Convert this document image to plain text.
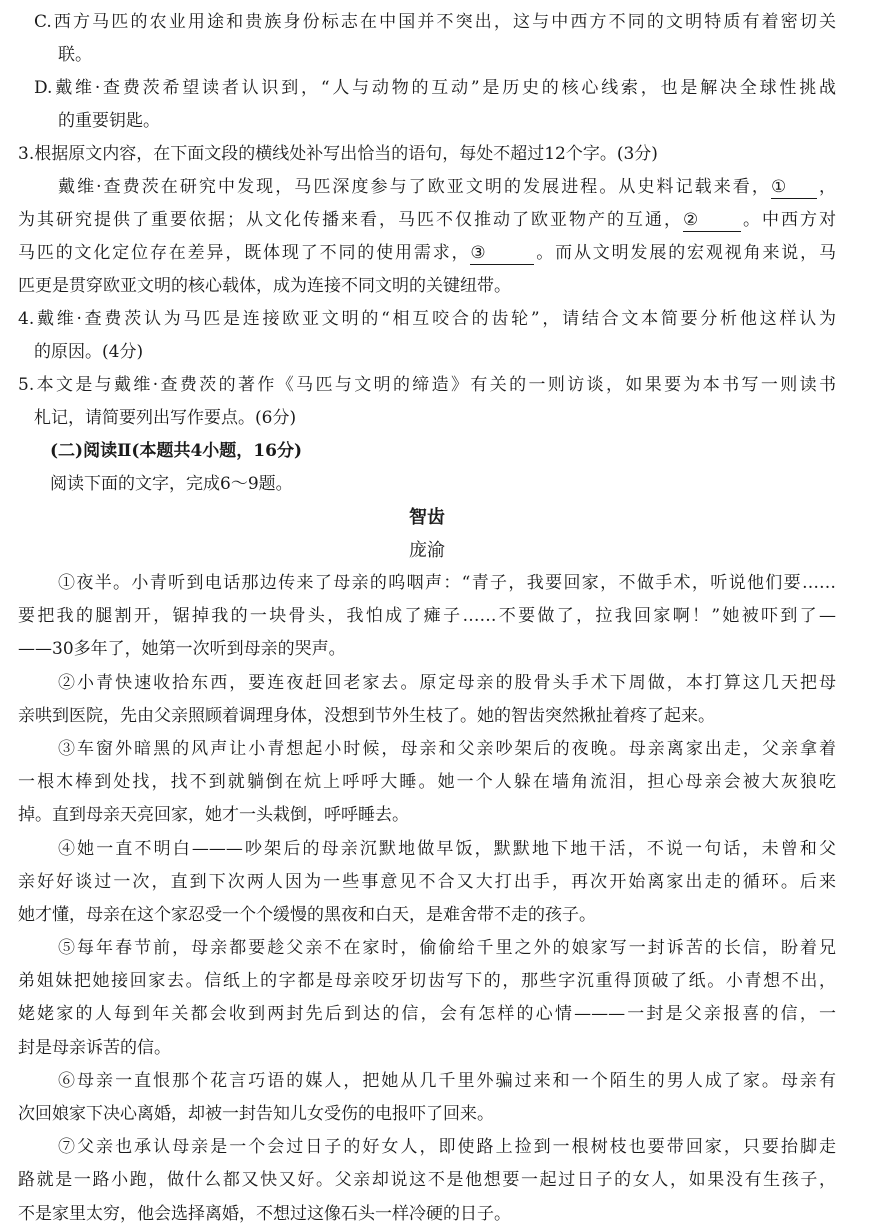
C.西方马匹的农业用途和贵族身份标志在中国并不突出，这与中西方不同的文明特质有着密切关
联。
D.戴维·查费茨希望读者认识到，“人与动物的互动”是历史的核心线索，也是解决全球性挑战
的重要钥匙。
3.根据原文内容，在下面文段的横线处补写出恰当的语句，每处不超过12个字。(3分)
戴维·查费茨在研究中发现，马匹深度参与了欧亚文明的发展进程。从史料记载来看，① ，
为其研究提供了重要依据；从文化传播来看，马匹不仅推动了欧亚物产的互通，②	。中西方对
马匹的文化定位存在差异，既体现了不同的使用需求，③	。而从文明发展的宏观视角来说，马
匹更是贯穿欧亚文明的核心载体，成为连接不同文明的关键纽带。
4.戴维·查费茨认为马匹是连接欧亚文明的“相互咬合的齿轮”，请结合文本简要分析他这样认为
的原因。(4分)
5.本文是与戴维·查费茨的著作《马匹与文明的缔造》有关的一则访谈，如果要为本书写一则读书
札记，请简要列出写作要点。(6分)
(二)阅读Ⅱ(本题共4小题，16分)
阅读下面的文字，完成6～9题。
智齿
庞渝
①夜半。小青听到电话那边传来了母亲的呜咽声：“青子，我要回家，不做手术，听说他们要……
要把我的腿割开，锯掉我的一块骨头，我怕成了瘫子……不要做了，拉我回家啊！”她被吓到了—
——30多年了，她第一次听到母亲的哭声。
②小青快速收拾东西，要连夜赶回老家去。原定母亲的股骨头手术下周做，本打算这几天把母
亲哄到医院，先由父亲照顾着调理身体，没想到节外生枝了。她的智齿突然揪扯着疼了起来。
③车窗外暗黑的风声让小青想起小时候，母亲和父亲吵架后的夜晚。母亲离家出走，父亲拿着
一根木棒到处找，找不到就躺倒在炕上呼呼大睡。她一个人躲在墙角流泪，担心母亲会被大灰狼吃
掉。直到母亲天亮回家，她才一头栽倒，呼呼睡去。
④她一直不明白———吵架后的母亲沉默地做早饭，默默地下地干活，不说一句话，未曾和父
亲好好谈过一次，直到下次两人因为一些事意见不合又大打出手，再次开始离家出走的循环。后来
她才懂，母亲在这个家忍受一个个缓慢的黑夜和白天，是难舍带不走的孩子。
⑤每年春节前，母亲都要趁父亲不在家时，偷偷给千里之外的娘家写一封诉苦的长信，盼着兄
弟姐妹把她接回家去。信纸上的字都是母亲咬牙切齿写下的，那些字沉重得顶破了纸。小青想不出，
姥姥家的人每到年关都会收到两封先后到达的信，会有怎样的心情———一封是父亲报喜的信，一
封是母亲诉苦的信。
⑥母亲一直恨那个花言巧语的媒人，把她从几千里外骗过来和一个陌生的男人成了家。母亲有
次回娘家下决心离婚，却被一封告知儿女受伤的电报吓了回来。
⑦父亲也承认母亲是一个会过日子的好女人，即使路上捡到一根树枝也要带回家，只要抬脚走
路就是一路小跑，做什么都又快又好。父亲却说这不是他想要一起过日子的女人，如果没有生孩子，
不是家里太穷，他会选择离婚，不想过这像石头一样冷硬的日子。
